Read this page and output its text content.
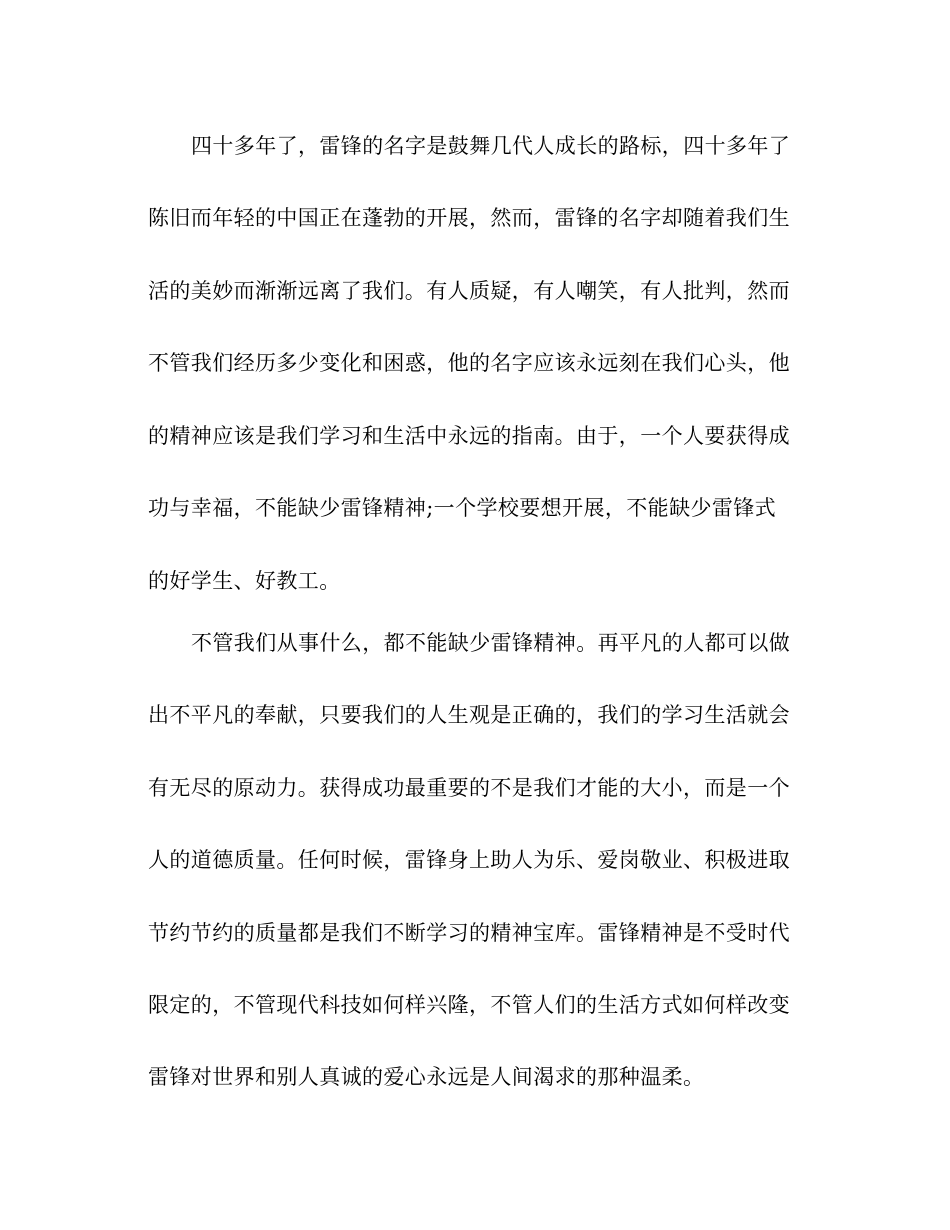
四十多年了，雷锋的名字是鼓舞几代人成长的路标，四十多年了
陈旧而年轻的中国正在蓬勃的开展，然而，雷锋的名字却随着我们生
活的美妙而渐渐远离了我们。有人质疑，有人嘲笑，有人批判，然而
不管我们经历多少变化和困惑，他的名字应该永远刻在我们心头，他
的精神应该是我们学习和生活中永远的指南。由于，一个人要获得成
功与幸福，不能缺少雷锋精神;一个学校要想开展，不能缺少雷锋式
的好学生、好教工。
不管我们从事什么，都不能缺少雷锋精神。再平凡的人都可以做
出不平凡的奉献，只要我们的人生观是正确的，我们的学习生活就会
有无尽的原动力。获得成功最重要的不是我们才能的大小，而是一个
人的道德质量。任何时候，雷锋身上助人为乐、爱岗敬业、积极进取
节约节约的质量都是我们不断学习的精神宝库。雷锋精神是不受时代
限定的，不管现代科技如何样兴隆，不管人们的生活方式如何样改变
雷锋对世界和别人真诚的爱心永远是人间渴求的那种温柔。
